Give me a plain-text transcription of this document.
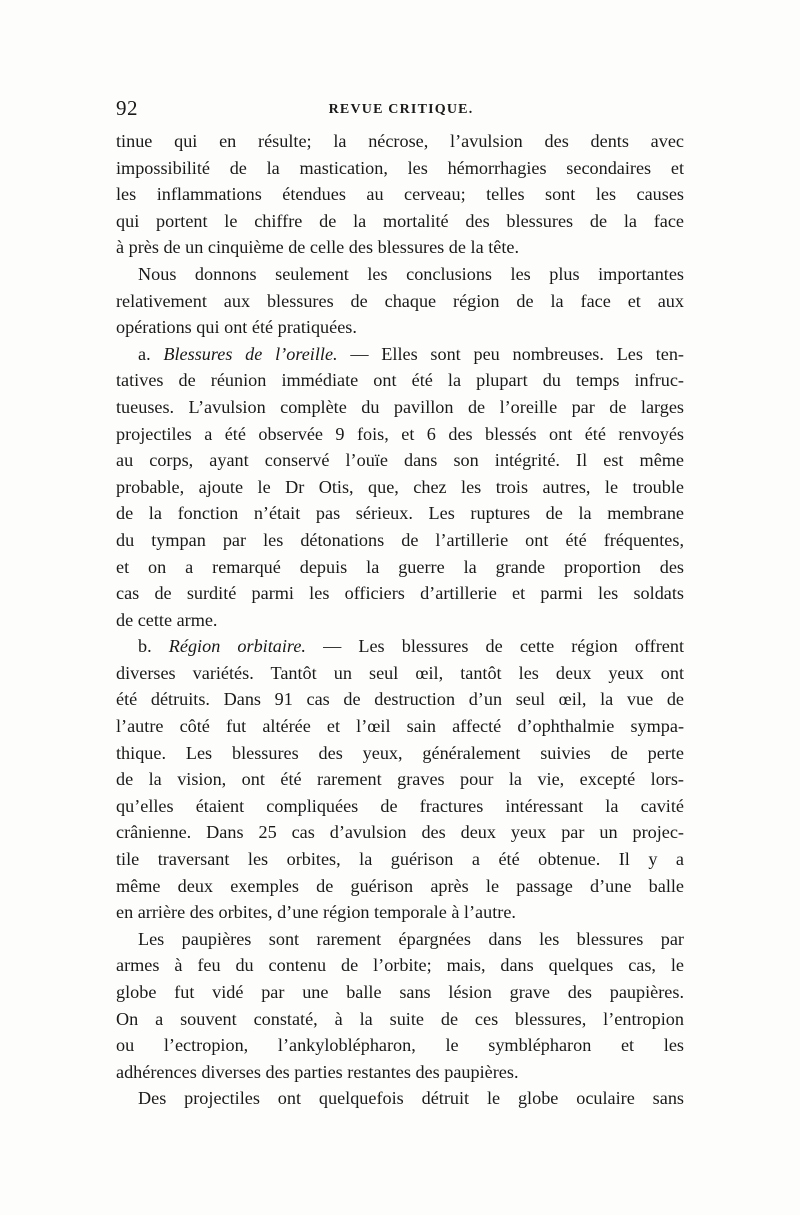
92	REVUE CRITIQUE.
tinue qui en résulte; la nécrose, l’avulsion des dents avec
impossibilité de la mastication, les hémorrhagies secondaires et
les inflammations étendues au cerveau; telles sont les causes
qui portent le chiffre de la mortalité des blessures de la face
à près de un cinquième de celle des blessures de la tête.
Nous donnons seulement les conclusions les plus importantes
relativement aux blessures de chaque région de la face et aux
opérations qui ont été pratiquées.
a. Blessures de l’oreille. — Elles sont peu nombreuses. Les ten-
tatives de réunion immédiate ont été la plupart du temps infruc-
tueuses. L’avulsion complète du pavillon de l’oreille par de larges
projectiles a été observée 9 fois, et 6 des blessés ont été renvoyés
au corps, ayant conservé l’ouïe dans son intégrité. Il est même
probable, ajoute le Dr Otis, que, chez les trois autres, le trouble
de la fonction n’était pas sérieux. Les ruptures de la membrane
du tympan par les détonations de l’artillerie ont été fréquentes,
et on a remarqué depuis la guerre la grande proportion des
cas de surdité parmi les officiers d’artillerie et parmi les soldats
de cette arme.
b. Région orbitaire. — Les blessures de cette région offrent
diverses variétés. Tantôt un seul œil, tantôt les deux yeux ont
été détruits. Dans 91 cas de destruction d’un seul œil, la vue de
l’autre côté fut altérée et l’œil sain affecté d’ophthalmie sympa-
thique. Les blessures des yeux, généralement suivies de perte
de la vision, ont été rarement graves pour la vie, excepté lors-
qu’elles étaient compliquées de fractures intéressant la cavité
crânienne. Dans 25 cas d’avulsion des deux yeux par un projec-
tile traversant les orbites, la guérison a été obtenue. Il y a
même deux exemples de guérison après le passage d’une balle
en arrière des orbites, d’une région temporale à l’autre.
Les paupières sont rarement épargnées dans les blessures par
armes à feu du contenu de l’orbite; mais, dans quelques cas, le
globe fut vidé par une balle sans lésion grave des paupières.
On a souvent constaté, à la suite de ces blessures, l’entropion
ou l’ectropion, l’ankyloblépharon, le symblépharon et les
adhérences diverses des parties restantes des paupières.
Des projectiles ont quelquefois détruit le globe oculaire sans
